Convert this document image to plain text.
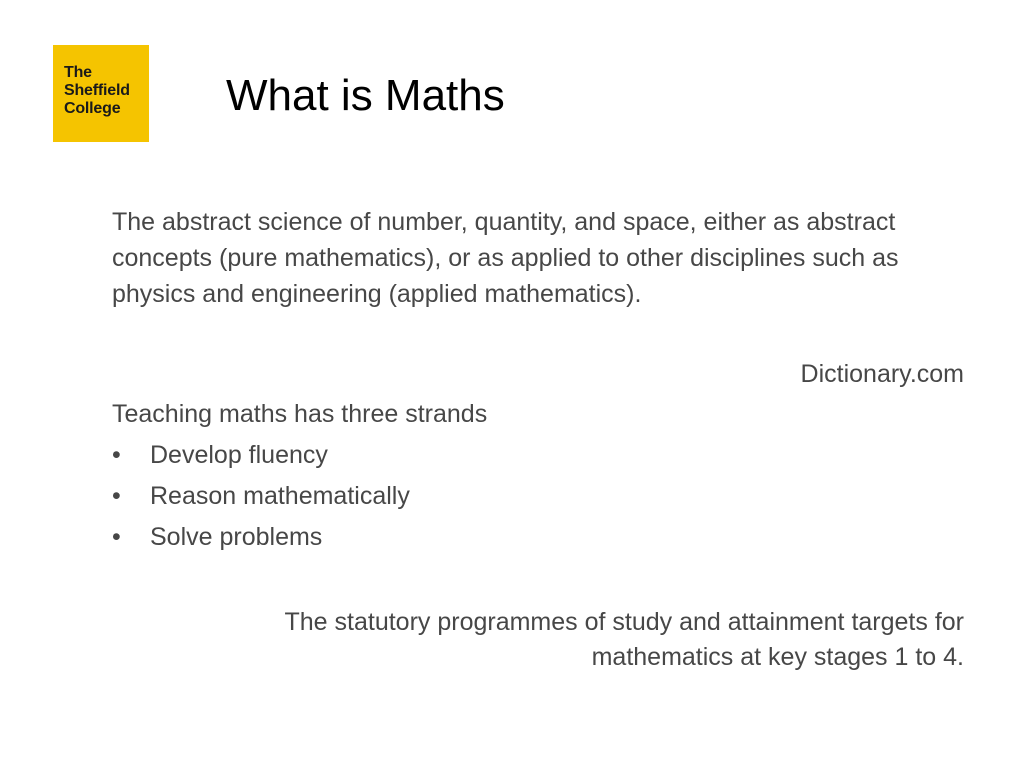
The
Sheffield
College	What is Maths

The abstract science of number, quantity, and space, either as abstract concepts (pure mathematics), or as applied to other disciplines such as physics and engineering (applied mathematics).

Dictionary.com

Teaching maths has three strands

• Develop fluency
• Reason mathematically
• Solve problems

The statutory programmes of study and attainment targets for
mathematics at key stages 1 to 4.
